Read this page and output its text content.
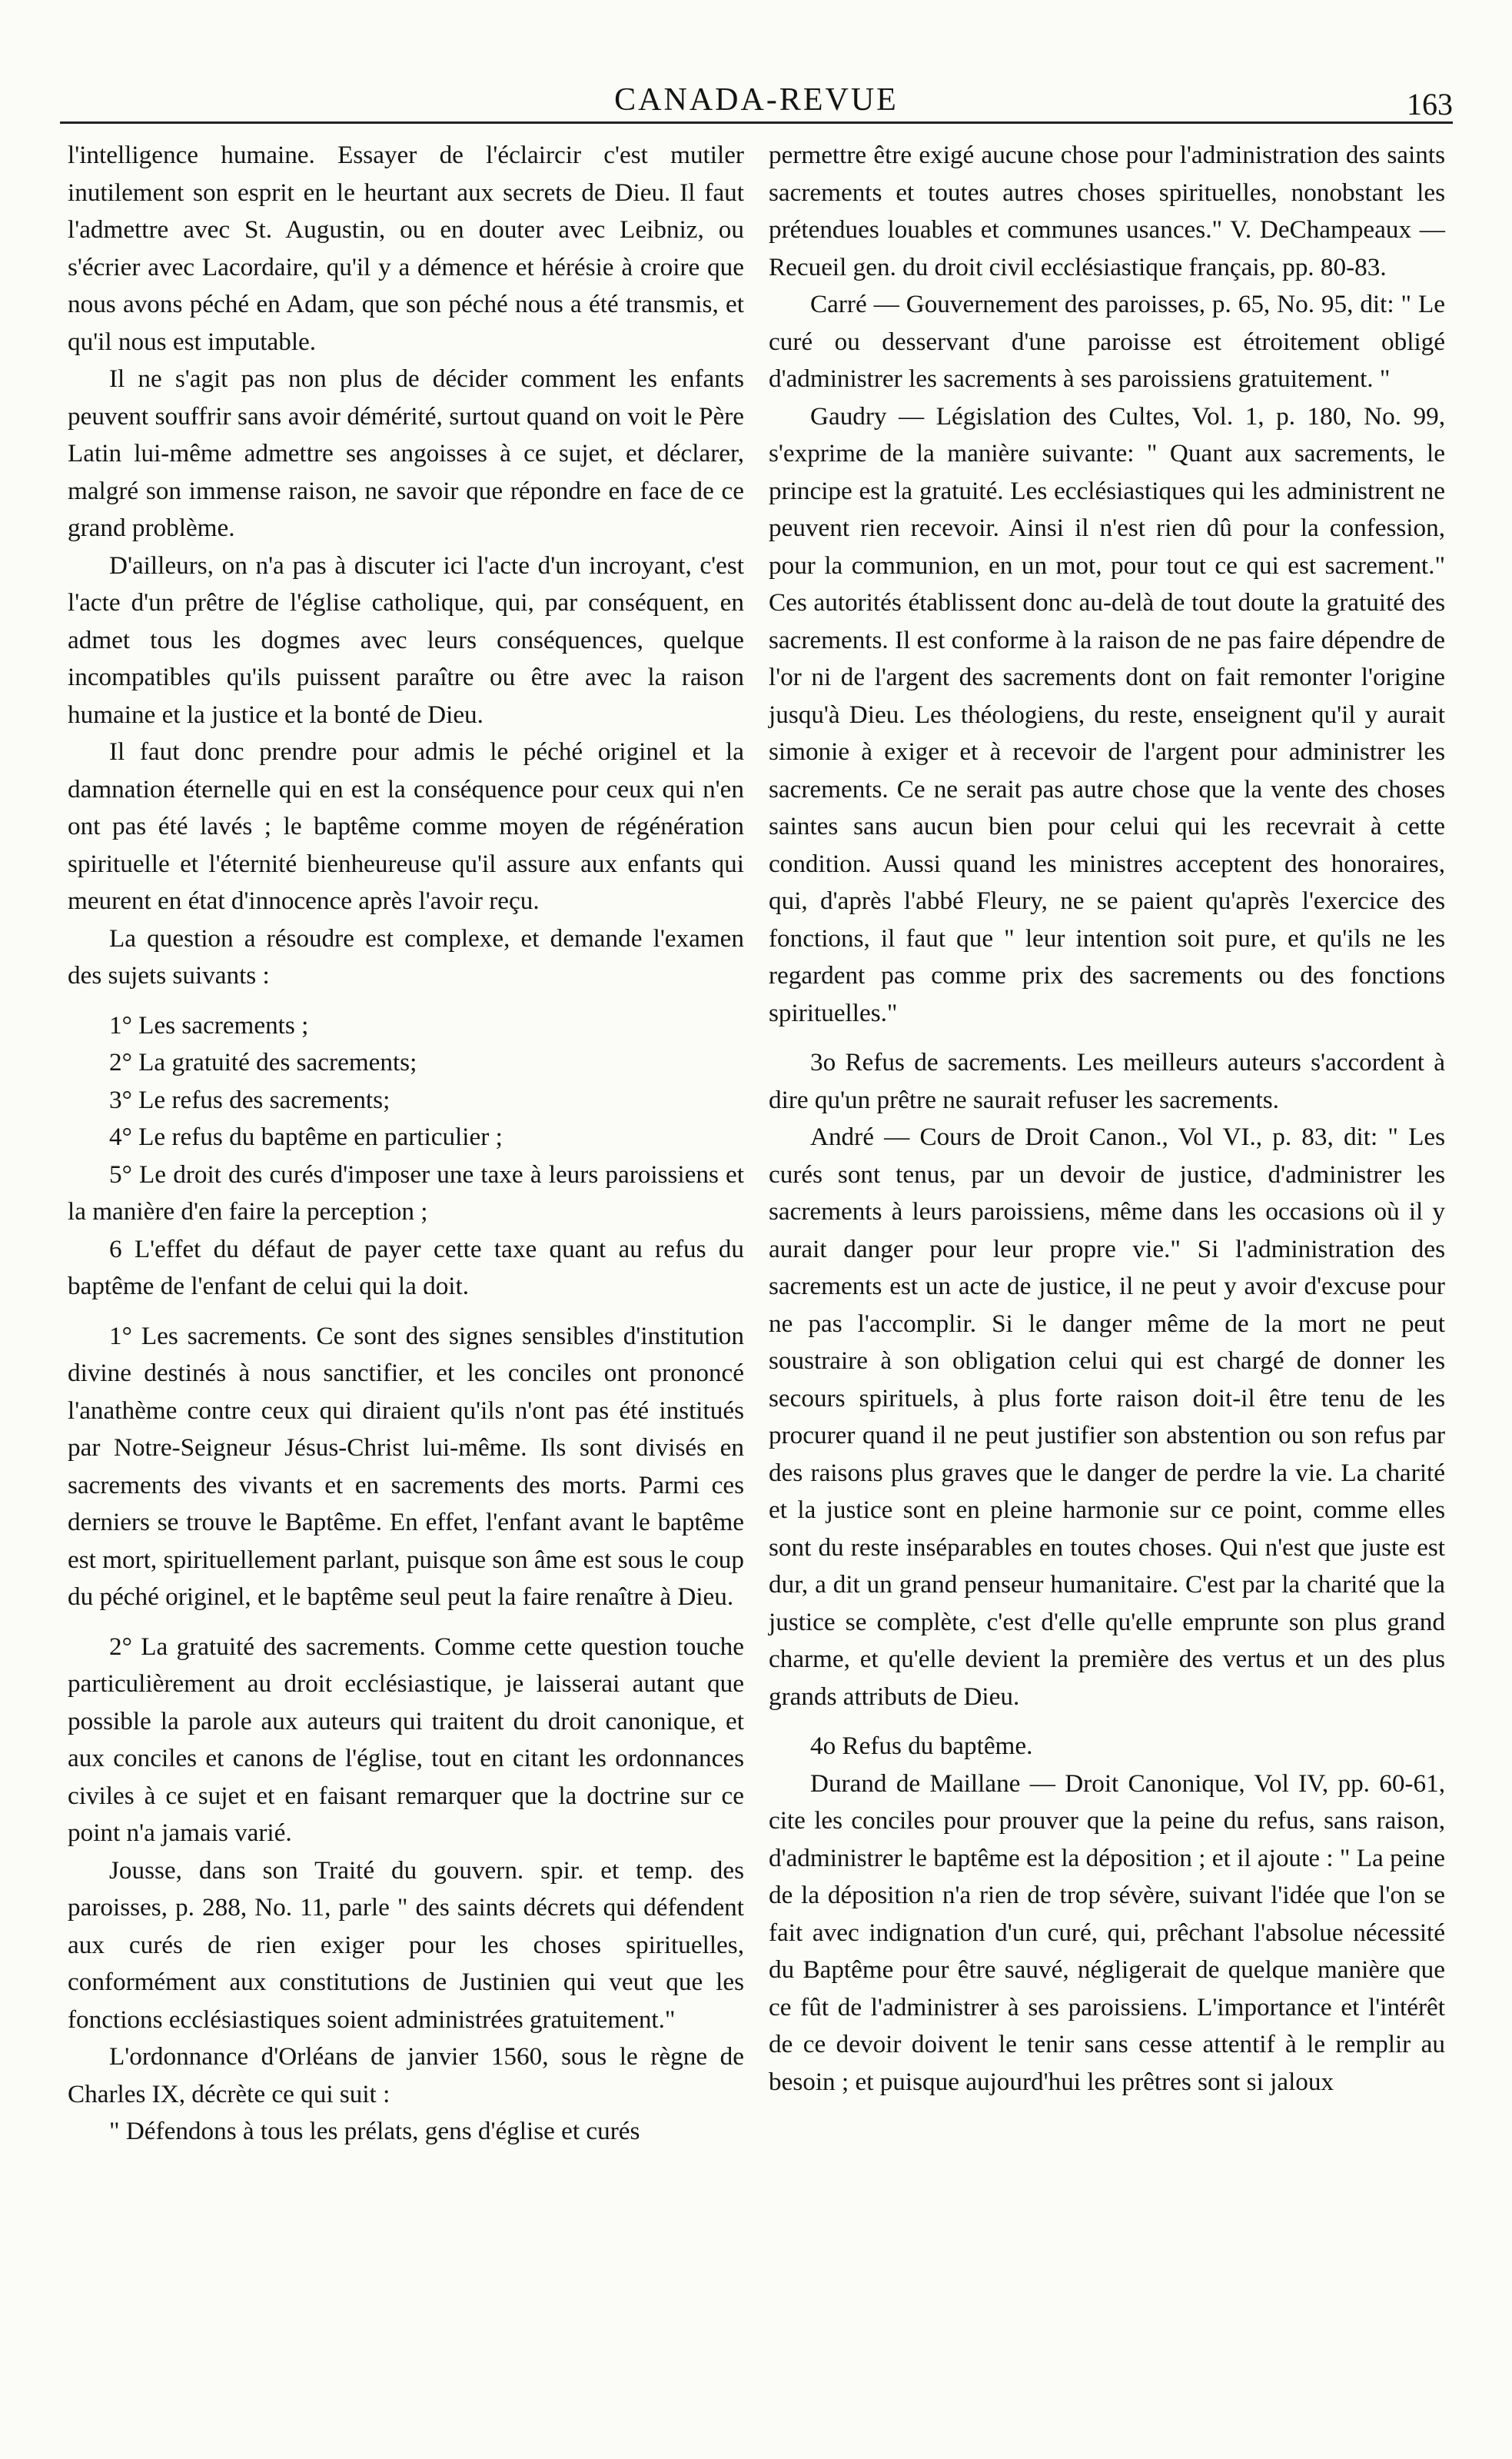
CANADA-REVUE	163

l'intelligence humaine. Essayer de l'éclaircir c'est mutiler inutilement son esprit en le heurtant aux secrets de Dieu. Il faut l'admettre avec St. Augustin, ou en douter avec Leibniz, ou s'écrier avec Lacordaire, qu'il y a démence et hérésie à croire que nous avons péché en Adam, que son péché nous a été transmis, et qu'il nous est imputable.

Il ne s'agit pas non plus de décider comment les enfants peuvent souffrir sans avoir démérité, surtout quand on voit le Père Latin lui-même admettre ses angoisses à ce sujet, et déclarer, malgré son immense raison, ne savoir que répondre en face de ce grand problème.

D'ailleurs, on n'a pas à discuter ici l'acte d'un incroyant, c'est l'acte d'un prêtre de l'église catholique, qui, par conséquent, en admet tous les dogmes avec leurs conséquences, quelque incompatibles qu'ils puissent paraître ou être avec la raison humaine et la justice et la bonté de Dieu.

Il faut donc prendre pour admis le péché originel et la damnation éternelle qui en est la conséquence pour ceux qui n'en ont pas été lavés ; le baptême comme moyen de régénération spirituelle et l'éternité bienheureuse qu'il assure aux enfants qui meurent en état d'innocence après l'avoir reçu.

La question a résoudre est complexe, et demande l'examen des sujets suivants :

1° Les sacrements ;

2° La gratuité des sacrements;

3° Le refus des sacrements;

4° Le refus du baptême en particulier ;

5° Le droit des curés d'imposer une taxe à leurs paroissiens et la manière d'en faire la perception ;

6 L'effet du défaut de payer cette taxe quant au refus du baptême de l'enfant de celui qui la doit.

1° Les sacrements. Ce sont des signes sensibles d'institution divine destinés à nous sanctifier, et les conciles ont prononcé l'anathème contre ceux qui diraient qu'ils n'ont pas été institués par Notre-Seigneur Jésus-Christ lui-même. Ils sont divisés en sacrements des vivants et en sacrements des morts. Parmi ces derniers se trouve le Baptême. En effet, l'enfant avant le baptême est mort, spirituellement parlant, puisque son âme est sous le coup du péché originel, et le baptême seul peut la faire renaître à Dieu.

2° La gratuité des sacrements. Comme cette question touche particulièrement au droit ecclésiastique, je laisserai autant que possible la parole aux auteurs qui traitent du droit canonique, et aux conciles et canons de l'église, tout en citant les ordonnances civiles à ce sujet et en faisant remarquer que la doctrine sur ce point n'a jamais varié.

Jousse, dans son Traité du gouvern. spir. et temp. des paroisses, p. 288, No. 11, parle " des saints décrets qui défendent aux curés de rien exiger pour les choses spirituelles, conformément aux constitutions de Justinien qui veut que les fonctions ecclésiastiques soient administrées gratuitement."

L'ordonnance d'Orléans de janvier 1560, sous le règne de Charles IX, décrète ce qui suit :

" Défendons à tous les prélats, gens d'église et curés

permettre être exigé aucune chose pour l'administration des saints sacrements et toutes autres choses spirituelles, nonobstant les prétendues louables et communes usances." V. DeChampeaux — Recueil gen. du droit civil ecclésiastique français, pp. 80-83.

Carré — Gouvernement des paroisses, p. 65, No. 95, dit: " Le curé ou desservant d'une paroisse est étroitement obligé d'administrer les sacrements à ses paroissiens gratuitement. "

Gaudry — Législation des Cultes, Vol. 1, p. 180, No. 99, s'exprime de la manière suivante: " Quant aux sacrements, le principe est la gratuité. Les ecclésiastiques qui les administrent ne peuvent rien recevoir. Ainsi il n'est rien dû pour la confession, pour la communion, en un mot, pour tout ce qui est sacrement." Ces autorités établissent donc au-delà de tout doute la gratuité des sacrements. Il est conforme à la raison de ne pas faire dépendre de l'or ni de l'argent des sacrements dont on fait remonter l'origine jusqu'à Dieu. Les théologiens, du reste, enseignent qu'il y aurait simonie à exiger et à recevoir de l'argent pour administrer les sacrements. Ce ne serait pas autre chose que la vente des choses saintes sans aucun bien pour celui qui les recevrait à cette condition. Aussi quand les ministres acceptent des honoraires, qui, d'après l'abbé Fleury, ne se paient qu'après l'exercice des fonctions, il faut que " leur intention soit pure, et qu'ils ne les regardent pas comme prix des sacrements ou des fonctions spirituelles."

3o Refus de sacrements. Les meilleurs auteurs s'accordent à dire qu'un prêtre ne saurait refuser les sacrements.

André — Cours de Droit Canon., Vol VI., p. 83, dit: " Les curés sont tenus, par un devoir de justice, d'administrer les sacrements à leurs paroissiens, même dans les occasions où il y aurait danger pour leur propre vie." Si l'administration des sacrements est un acte de justice, il ne peut y avoir d'excuse pour ne pas l'accomplir. Si le danger même de la mort ne peut soustraire à son obligation celui qui est chargé de donner les secours spirituels, à plus forte raison doit-il être tenu de les procurer quand il ne peut justifier son abstention ou son refus par des raisons plus graves que le danger de perdre la vie. La charité et la justice sont en pleine harmonie sur ce point, comme elles sont du reste inséparables en toutes choses. Qui n'est que juste est dur, a dit un grand penseur humanitaire. C'est par la charité que la justice se complète, c'est d'elle qu'elle emprunte son plus grand charme, et qu'elle devient la première des vertus et un des plus grands attributs de Dieu.

4o Refus du baptême.

Durand de Maillane — Droit Canonique, Vol IV, pp. 60-61, cite les conciles pour prouver que la peine du refus, sans raison, d'administrer le baptême est la déposition ; et il ajoute : " La peine de la déposition n'a rien de trop sévère, suivant l'idée que l'on se fait avec indignation d'un curé, qui, prêchant l'absolue nécessité du Baptême pour être sauvé, négligerait de quelque manière que ce fût de l'administrer à ses paroissiens. L'importance et l'intérêt de ce devoir doivent le tenir sans cesse attentif à le remplir au besoin ; et puisque aujourd'hui les prêtres sont si jaloux
